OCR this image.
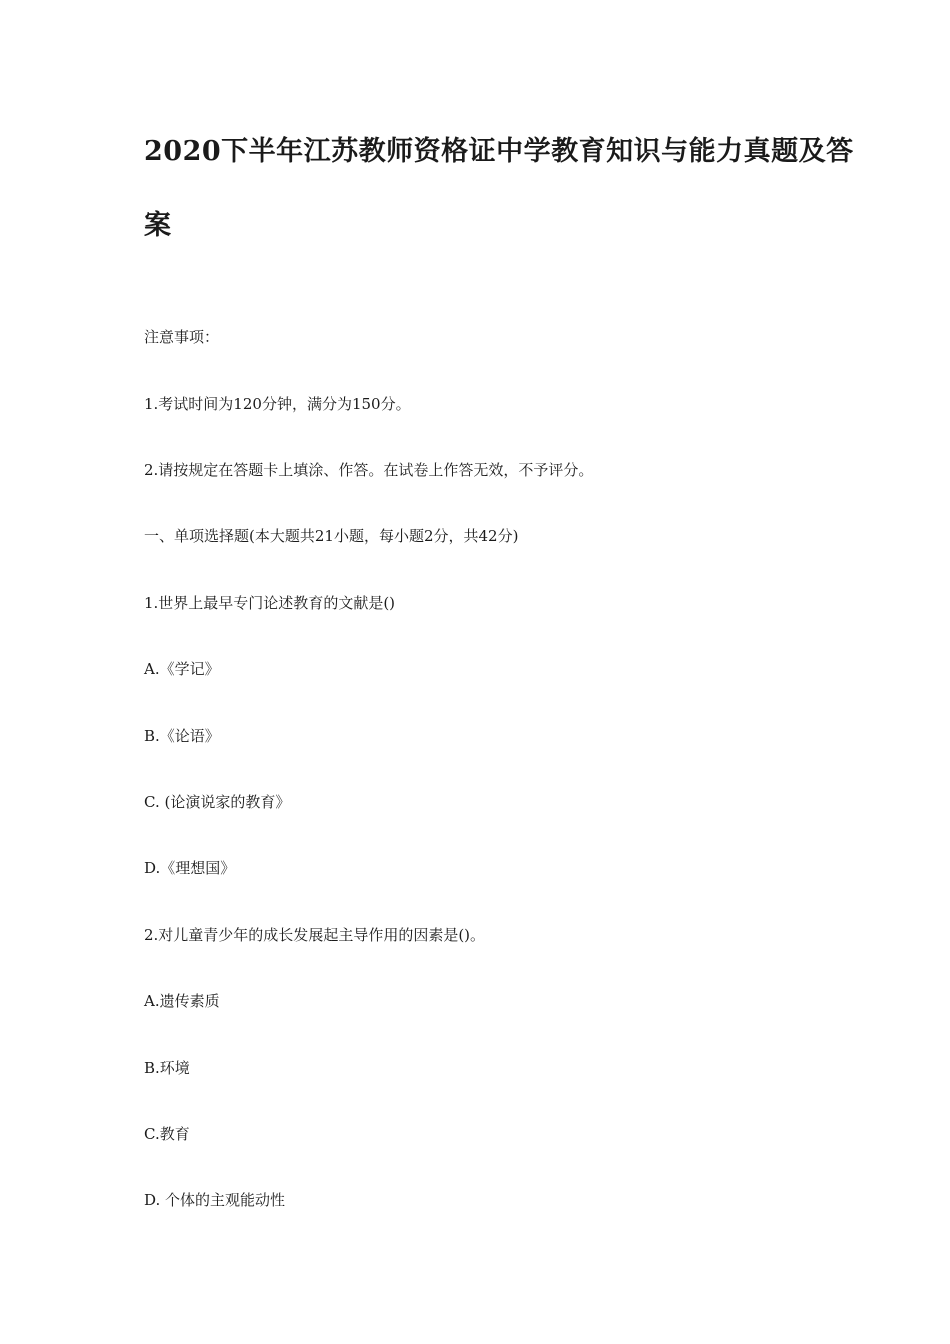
2020下半年江苏教师资格证中学教育知识与能力真题及答
案

注意事项：

1.考试时间为120分钟，满分为150分。

2.请按规定在答题卡上填涂、作答。在试卷上作答无效，不予评分。

一、单项选择题(本大题共21小题，每小题2分，共42分)

1.世界上最早专门论述教育的文献是()

A.《学记》

B.《论语》

C. (论演说家的教育》

D.《理想国》

2.对儿童青少年的成长发展起主导作用的因素是()。

A.遗传素质

B.环境

C.教育

D. 个体的主观能动性
